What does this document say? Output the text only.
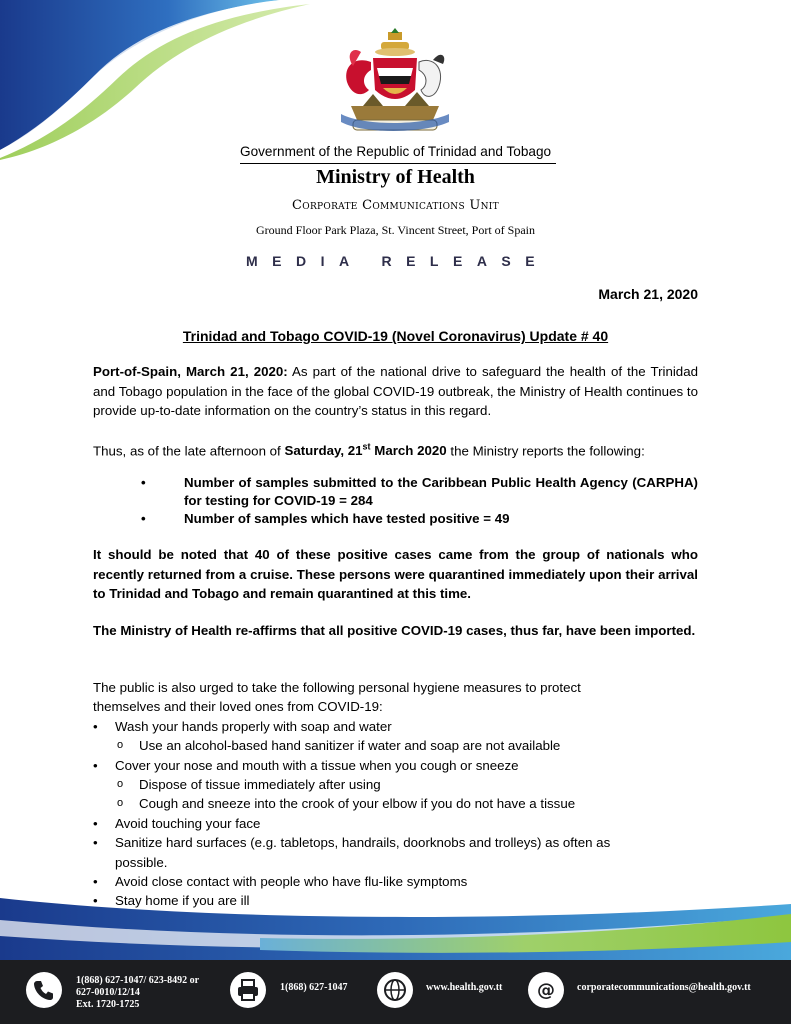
Government of the Republic of Trinidad and Tobago
Ministry of Health
Corporate Communications Unit
Ground Floor Park Plaza, St. Vincent Street, Port of Spain
MEDIA RELEASE
March 21, 2020
Trinidad and Tobago COVID-19 (Novel Coronavirus) Update # 40
Port-of-Spain, March 21, 2020: As part of the national drive to safeguard the health of the Trinidad and Tobago population in the face of the global COVID-19 outbreak, the Ministry of Health continues to provide up-to-date information on the country’s status in this regard.
Thus, as of the late afternoon of Saturday, 21st March 2020 the Ministry reports the following:
•	Number of samples submitted to the Caribbean Public Health Agency (CARPHA) for testing for COVID-19 = 284
•	Number of samples which have tested positive = 49
It should be noted that 40 of these positive cases came from the group of nationals who recently returned from a cruise. These persons were quarantined immediately upon their arrival to Trinidad and Tobago and remain quarantined at this time.
The Ministry of Health re-affirms that all positive COVID-19 cases, thus far, have been imported.
The public is also urged to take the following personal hygiene measures to protect themselves and their loved ones from COVID-19:
• Wash your hands properly with soap and water
o Use an alcohol-based hand sanitizer if water and soap are not available
• Cover your nose and mouth with a tissue when you cough or sneeze
o Dispose of tissue immediately after using
o Cough and sneeze into the crook of your elbow if you do not have a tissue
• Avoid touching your face
• Sanitize hard surfaces (e.g. tabletops, handrails, doorknobs and trolleys) as often as possible.
• Avoid close contact with people who have flu-like symptoms
• Stay home if you are ill
1(868) 627-1047/ 623-8492 or
627-0010/12/14
Ext. 1720-1725
1(868) 627-1047	www.health.gov.tt @ corporatecommunications@health.gov.tt
